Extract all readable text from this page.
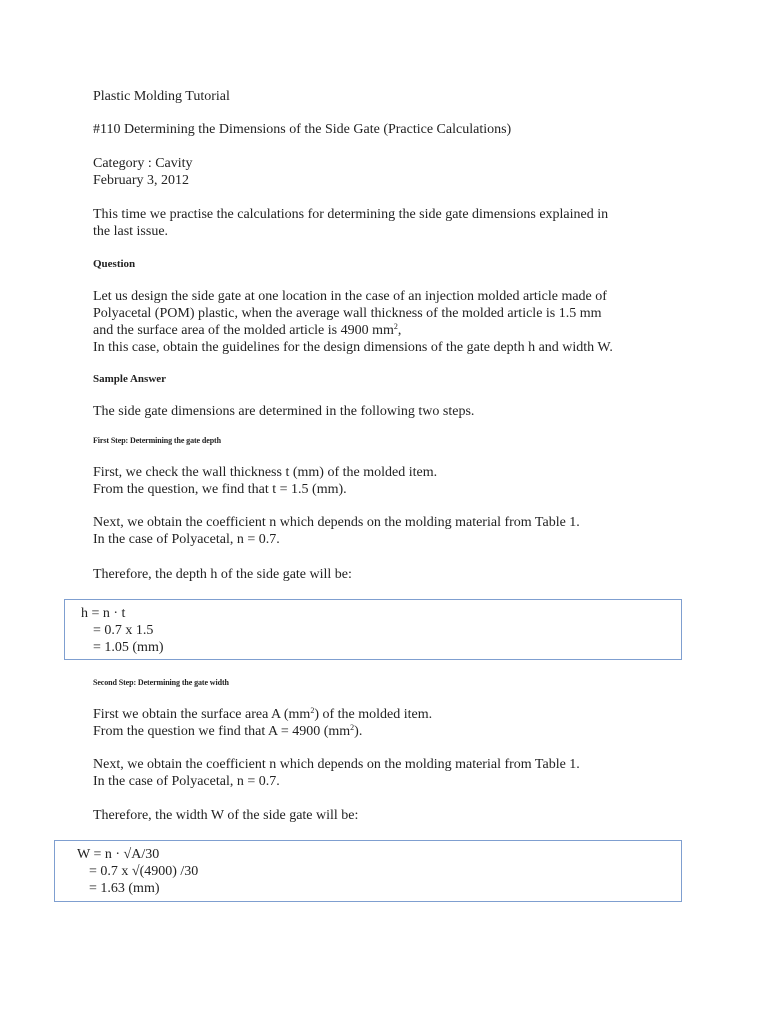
Plastic Molding Tutorial

#110 Determining the Dimensions of the Side Gate (Practice Calculations)

Category : Cavity

February 3, 2012

This time we practise the calculations for determining the side gate dimensions explained in

the last issue.

Question

Let us design the side gate at one location in the case of an injection molded article made of

Polyacetal (POM) plastic, when the average wall thickness of the molded article is 1.5 mm

and the surface area of the molded article is 4900 $mm^2$,

In this case, obtain the guidelines for the design dimensions of the gate depth h and width W.

Sample Answer

The side gate dimensions are determined in the following two steps.

First Step: Determining the gate depth

First, we check the wall thickness t (mm) of the molded item.

From the question, we find that t = 1.5 (mm).

Next, we obtain the coefficient n which depends on the molding material from Table 1.

In the case of Polyacetal, n = 0.7.

Therefore, the depth h of the side gate will be:

h = n · t

= 0.7 x 1.5

= 1.05 (mm)

Second Step: Determining the gate width

First we obtain the surface area A $(mm^2)$ of the molded item.

From the question we find that A = 4900 $(mm^2)$.

Next, we obtain the coefficient n which depends on the molding material from Table 1.

In the case of Polyacetal, n = 0.7.

Therefore, the width W of the side gate will be:

W = n · √A/30

= 0.7 x √(4900) /30

= 1.63 (mm)
